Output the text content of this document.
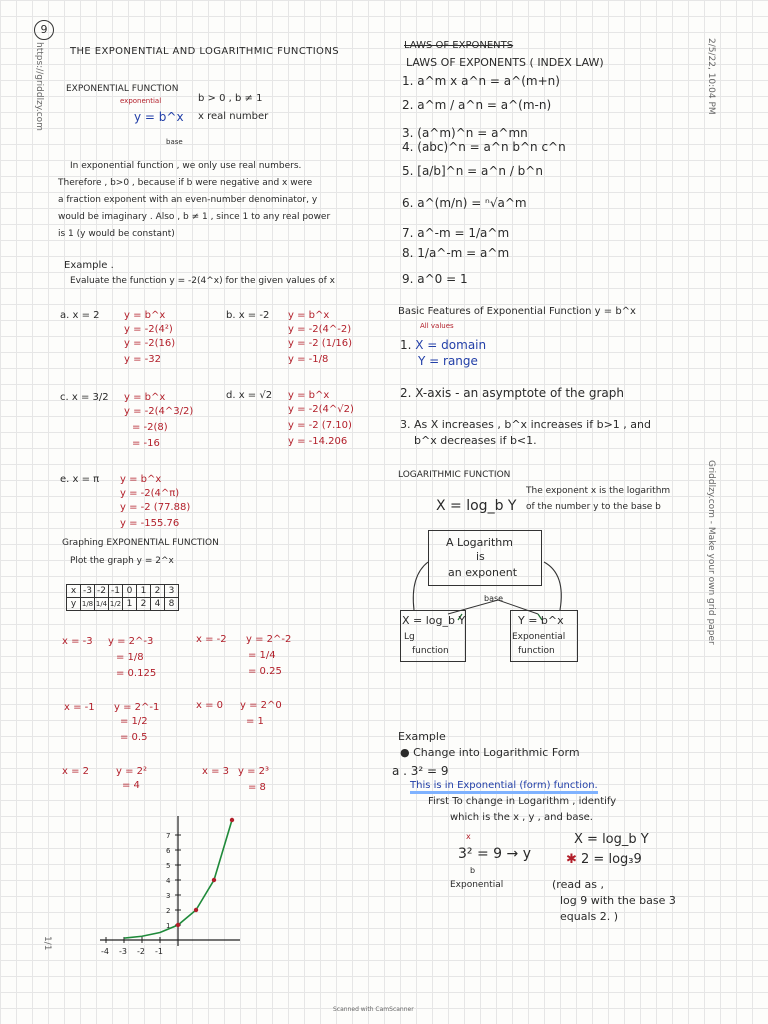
9
https://griddlzy.com	2/5/22, 10:04 PM
Griddlzy.com - Make your own grid paper
1/1
Scanned with CamScanner
THE EXPONENTIAL AND LOGARITHMIC FUNCTIONS
EXPONENTIAL FUNCTION
exponential
y = b^x
base
b > 0 , b ≠ 1
x real number
In exponential function , we only use real numbers.
Therefore , b>0 , because if b were negative and x were
a fraction exponent with an even-number denominator, y
would be imaginary . Also , b ≠ 1 , since 1 to any real power
is 1 (y would be constant)
Example .
Evaluate the function y = -2(4^x) for the given values of x
a. x = 2 y = b^x
y = -2(4²)
y = -2(16)
y = -32
b. x = -2 y = b^x
y = -2(4^-2)
y = -2 (1/16)
y = -1/8
c. x = 3/2 y = b^x
y = -2(4^3/2)
= -2(8)
= -16
d. x = √2 y = b^x
y = -2(4^√2)
y = -2 (7.10)
y = -14.206
e. x = π y = b^x
y = -2(4^π)
y = -2 (77.88)
y = -155.76
Graphing EXPONENTIAL FUNCTION
Plot the graph y = 2^x
x	-3	-2	-1	0	1	2	3
y	1/8	1/4	1/2	1	2	4	8
x = -3 y = 2^-3
= 1/8
= 0.125
x = -2 y = 2^-2
= 1/4
= 0.25
x = -1 y = 2^-1
= 1/2
= 0.5
x = 0 y = 2^0
= 1
x = 2	y = 2²
= 4
x = 3 y = 2³
= 8
7
6
5
4
3
2
1
-4 -3 -2 -1
LAWS OF EXPONENTS
LAWS OF EXPONENTS ( INDEX LAW)
1. a^m x a^n = a^(m+n)
2. a^m / a^n = a^(m-n)
3. (a^m)^n = a^mn
4. (abc)^n = a^n b^n c^n
5. [a/b]^n = a^n / b^n
6. a^(m/n) = ⁿ√a^m
7. a^-m = 1/a^m
8. 1/a^-m = a^m
9. a^0 = 1
Basic Features of Exponential Function y = b^x
All values
1. X = domain
Y = range
2. X-axis - an asymptote of the graph
3. As X increases , b^x increases if b>1 , and
b^x decreases if b<1.
LOGARITHMIC FUNCTION
X = log_b Y
The exponent x is the logarithm
of the number y to the base b
A Logarithm
is
an exponent
base
X = log_b Y
Lg
function
Y = b^x
Exponential
function
Example
● Change into Logarithmic Form
a . 3² = 9
This is in Exponential (form) function.
First To change in Logarithm , identify
which is the x , y , and base.
x
3² = 9 → y
b
Exponential
X = log_b Y
✱ 2 = log₃9
(read as ,
log 9 with the base 3
equals 2. )
